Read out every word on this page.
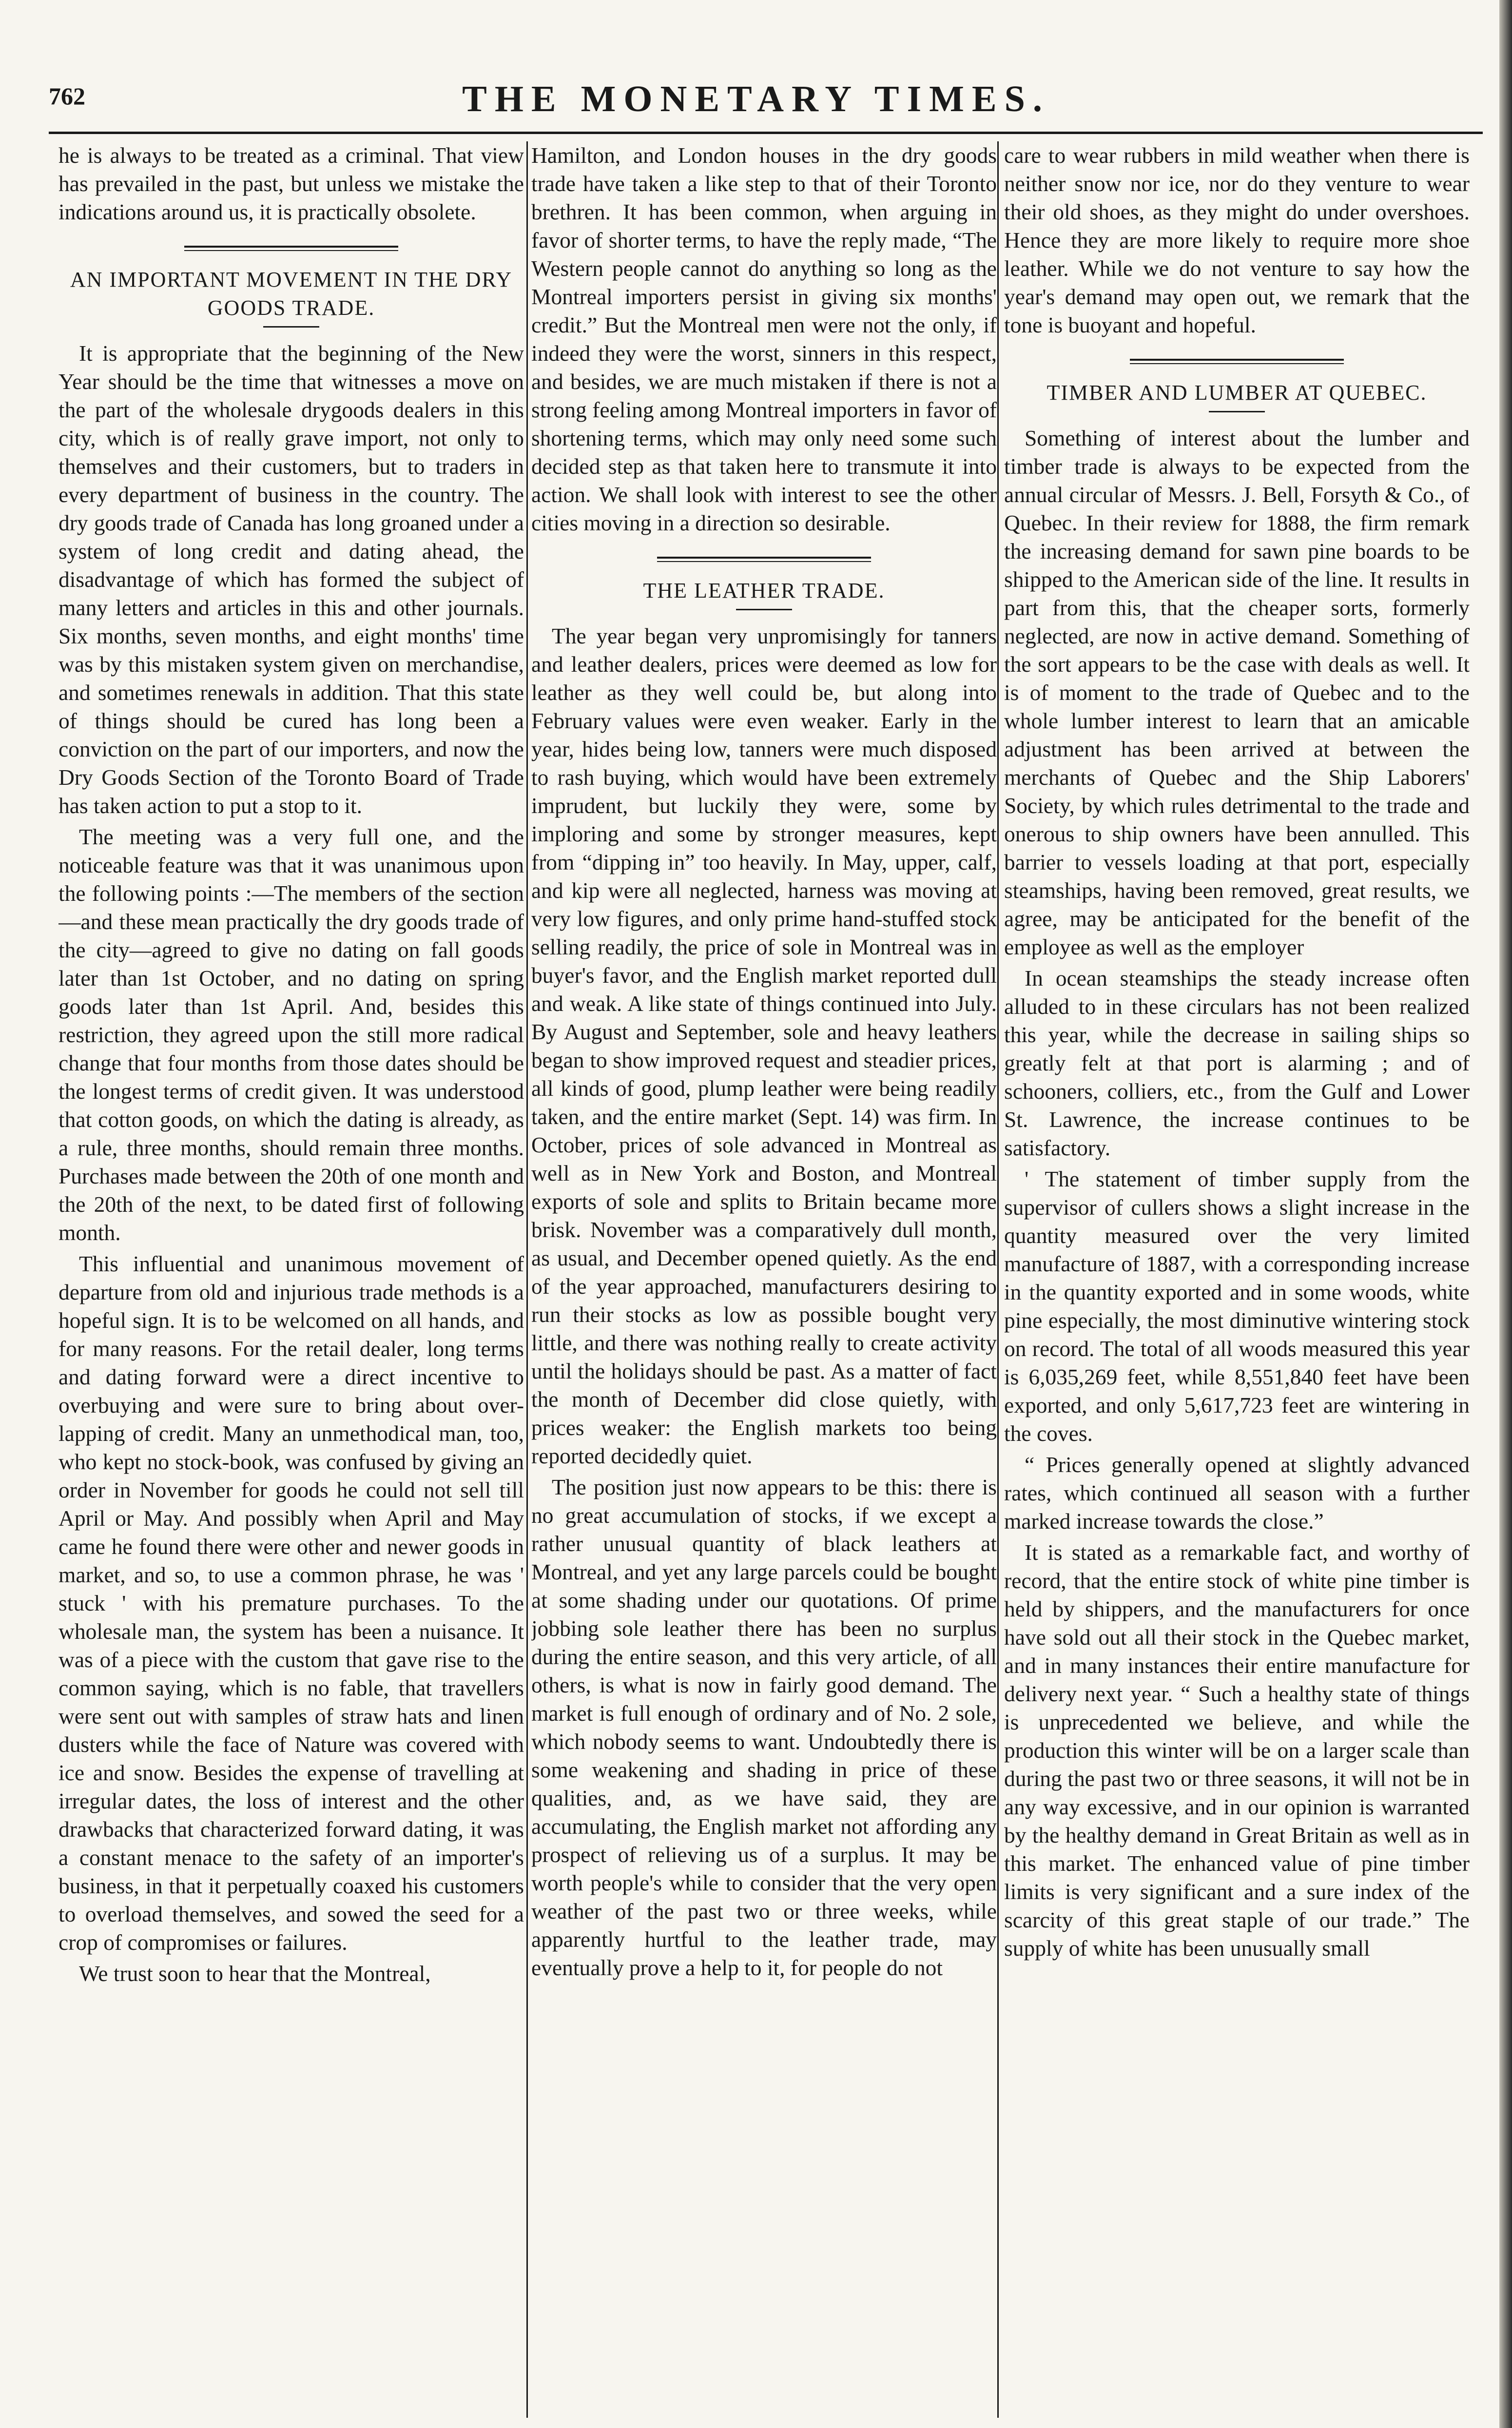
762	THE MONETARY TIMES.

he is always to be treated as a criminal. That view has prevailed in the past, but unless we mistake the indications around us, it is practically obsolete.

AN IMPORTANT MOVEMENT IN THE DRY GOODS TRADE.

It is appropriate that the beginning of the New Year should be the time that witnesses a move on the part of the wholesale drygoods dealers in this city, which is of really grave import, not only to themselves and their customers, but to traders in every department of business in the country. The dry goods trade of Canada has long groaned under a system of long credit and dating ahead, the disadvantage of which has formed the subject of many letters and articles in this and other journals. Six months, seven months, and eight months' time was by this mistaken system given on merchandise, and sometimes renewals in addition. That this state of things should be cured has long been a conviction on the part of our importers, and now the Dry Goods Section of the Toronto Board of Trade has taken action to put a stop to it.

The meeting was a very full one, and the noticeable feature was that it was unanimous upon the following points :—The members of the section—and these mean practically the dry goods trade of the city—agreed to give no dating on fall goods later than 1st October, and no dating on spring goods later than 1st April. And, besides this restriction, they agreed upon the still more radical change that four months from those dates should be the longest terms of credit given. It was understood that cotton goods, on which the dating is already, as a rule, three months, should remain three months. Purchases made between the 20th of one month and the 20th of the next, to be dated first of following month.

This influential and unanimous movement of departure from old and injurious trade methods is a hopeful sign. It is to be welcomed on all hands, and for many reasons. For the retail dealer, long terms and dating forward were a direct incentive to overbuying and were sure to bring about over-lapping of credit. Many an unmethodical man, too, who kept no stock-book, was confused by giving an order in November for goods he could not sell till April or May. And possibly when April and May came he found there were other and newer goods in market, and so, to use a common phrase, he was ' stuck ' with his premature purchases. To the wholesale man, the system has been a nuisance. It was of a piece with the custom that gave rise to the common saying, which is no fable, that travellers were sent out with samples of straw hats and linen dusters while the face of Nature was covered with ice and snow. Besides the expense of travelling at irregular dates, the loss of interest and the other drawbacks that characterized forward dating, it was a constant menace to the safety of an importer's business, in that it perpetually coaxed his customers to overload themselves, and sowed the seed for a crop of compromises or failures.

We trust soon to hear that the Montreal,

Hamilton, and London houses in the dry goods trade have taken a like step to that of their Toronto brethren. It has been common, when arguing in favor of shorter terms, to have the reply made, “The Western people cannot do anything so long as the Montreal importers persist in giving six months' credit.” But the Montreal men were not the only, if indeed they were the worst, sinners in this respect, and besides, we are much mistaken if there is not a strong feeling among Montreal importers in favor of shortening terms, which may only need some such decided step as that taken here to transmute it into action. We shall look with interest to see the other cities moving in a direction so desirable.

THE LEATHER TRADE.

The year began very unpromisingly for tanners and leather dealers, prices were deemed as low for leather as they well could be, but along into February values were even weaker. Early in the year, hides being low, tanners were much disposed to rash buying, which would have been extremely imprudent, but luckily they were, some by imploring and some by stronger measures, kept from “dipping in” too heavily. In May, upper, calf, and kip were all neglected, harness was moving at very low figures, and only prime hand-stuffed stock selling readily, the price of sole in Montreal was in buyer's favor, and the English market reported dull and weak. A like state of things continued into July. By August and September, sole and heavy leathers began to show improved request and steadier prices, all kinds of good, plump leather were being readily taken, and the entire market (Sept. 14) was firm. In October, prices of sole advanced in Montreal as well as in New York and Boston, and Montreal exports of sole and splits to Britain became more brisk. November was a comparatively dull month, as usual, and December opened quietly. As the end of the year approached, manufacturers desiring to run their stocks as low as possible bought very little, and there was nothing really to create activity until the holidays should be past. As a matter of fact the month of December did close quietly, with prices weaker: the English markets too being reported decidedly quiet.

The position just now appears to be this: there is no great accumulation of stocks, if we except a rather unusual quantity of black leathers at Montreal, and yet any large parcels could be bought at some shading under our quotations. Of prime jobbing sole leather there has been no surplus during the entire season, and this very article, of all others, is what is now in fairly good demand. The market is full enough of ordinary and of No. 2 sole, which nobody seems to want. Undoubtedly there is some weakening and shading in price of these qualities, and, as we have said, they are accumulating, the English market not affording any prospect of relieving us of a surplus. It may be worth people's while to consider that the very open weather of the past two or three weeks, while apparently hurtful to the leather trade, may eventually prove a help to it, for people do not

care to wear rubbers in mild weather when there is neither snow nor ice, nor do they venture to wear their old shoes, as they might do under overshoes. Hence they are more likely to require more shoe leather. While we do not venture to say how the year's demand may open out, we remark that the tone is buoyant and hopeful.

TIMBER AND LUMBER AT QUEBEC.

Something of interest about the lumber and timber trade is always to be expected from the annual circular of Messrs. J. Bell, Forsyth & Co., of Quebec. In their review for 1888, the firm remark the increasing demand for sawn pine boards to be shipped to the American side of the line. It results in part from this, that the cheaper sorts, formerly neglected, are now in active demand. Something of the sort appears to be the case with deals as well. It is of moment to the trade of Quebec and to the whole lumber interest to learn that an amicable adjustment has been arrived at between the merchants of Quebec and the Ship Laborers' Society, by which rules detrimental to the trade and onerous to ship owners have been annulled. This barrier to vessels loading at that port, especially steamships, having been removed, great results, we agree, may be anticipated for the benefit of the employee as well as the employer

In ocean steamships the steady increase often alluded to in these circulars has not been realized this year, while the decrease in sailing ships so greatly felt at that port is alarming ; and of schooners, colliers, etc., from the Gulf and Lower St. Lawrence, the increase continues to be satisfactory.

' The statement of timber supply from the supervisor of cullers shows a slight increase in the quantity measured over the very limited manufacture of 1887, with a corresponding increase in the quantity exported and in some woods, white pine especially, the most diminutive wintering stock on record. The total of all woods measured this year is 6,035,269 feet, while 8,551,840 feet have been exported, and only 5,617,723 feet are wintering in the coves.

“ Prices generally opened at slightly advanced rates, which continued all season with a further marked increase towards the close.”

It is stated as a remarkable fact, and worthy of record, that the entire stock of white pine timber is held by shippers, and the manufacturers for once have sold out all their stock in the Quebec market, and in many instances their entire manufacture for delivery next year. “ Such a healthy state of things is unprecedented we believe, and while the production this winter will be on a larger scale than during the past two or three seasons, it will not be in any way excessive, and in our opinion is warranted by the healthy demand in Great Britain as well as in this market. The enhanced value of pine timber limits is very significant and a sure index of the scarcity of this great staple of our trade.” The supply of white has been unusually small
